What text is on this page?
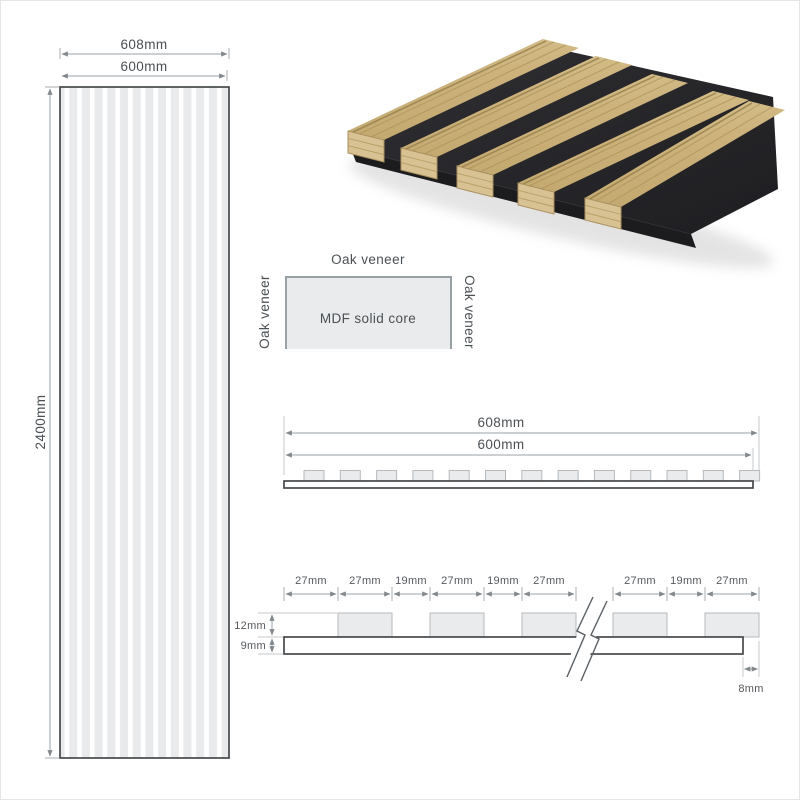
608mm
600mm
2400mm
Oak veneer
Oak veneer	Oak veneer
MDF solid core
608mm
600mm
27mm 27mm 19mm 27mm 19mm 27mm	27mm 19mm 27mm
12mm
9mm
8mm
